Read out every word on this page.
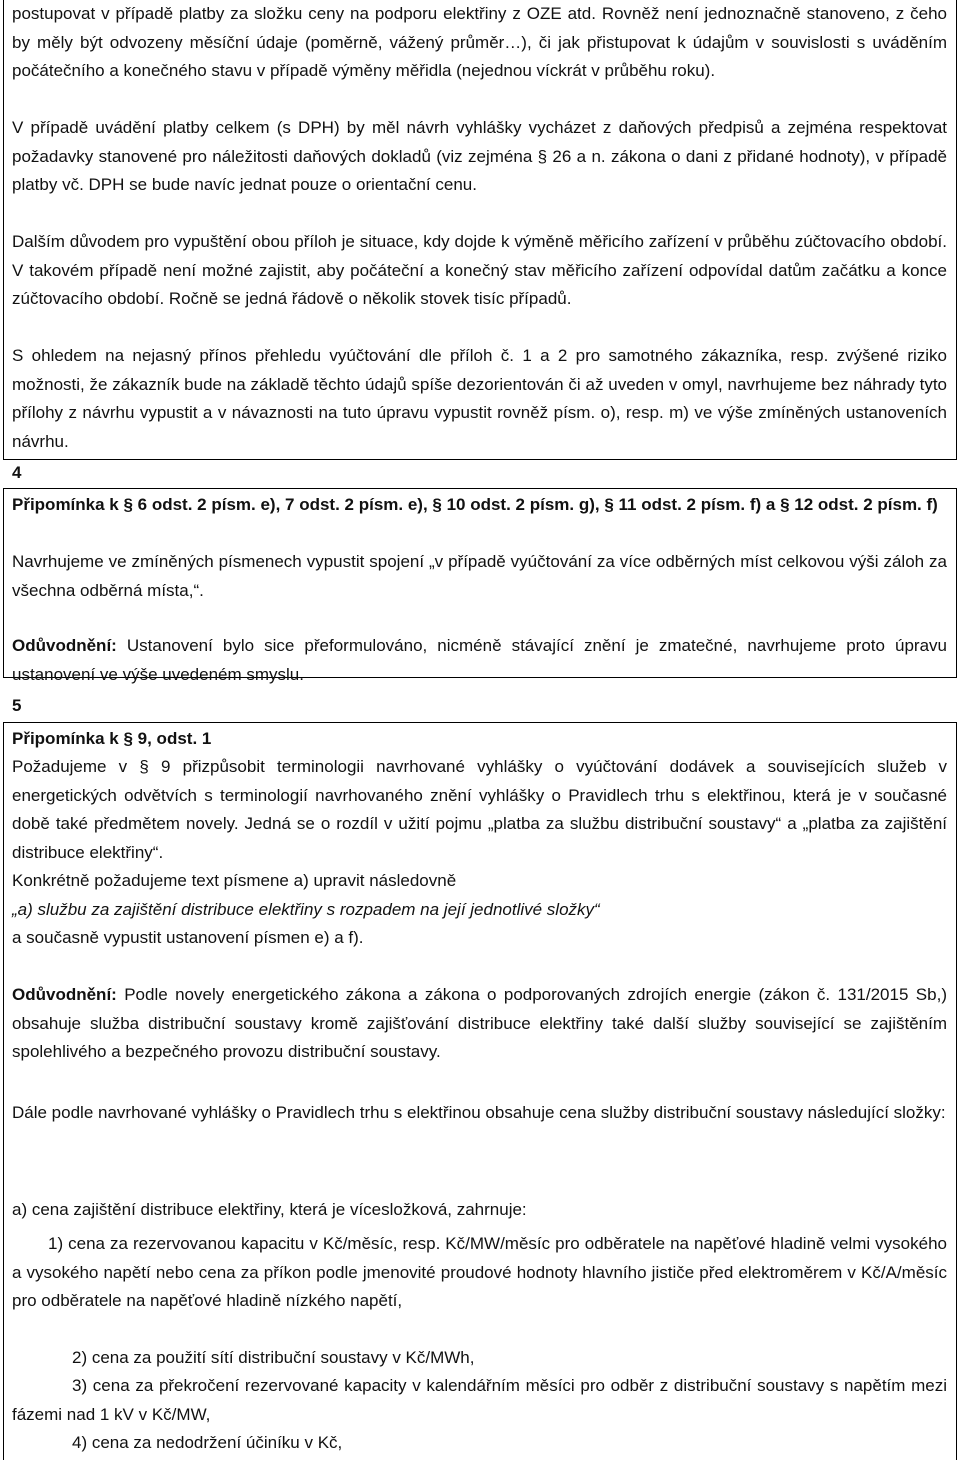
postupovat v případě platby za složku ceny na podporu elektřiny z OZE atd. Rovněž není jednoznačně stanoveno, z čeho by měly být odvozeny měsíční údaje (poměrně, vážený průměr…), či jak přistupovat k údajům v souvislosti s uváděním počátečního a konečného stavu v případě výměny měřidla (nejednou víckrát v průběhu roku).

V případě uvádění platby celkem (s DPH) by měl návrh vyhlášky vycházet z daňových předpisů a zejména respektovat požadavky stanovené pro náležitosti daňových dokladů (viz zejména § 26 a n. zákona o dani z přidané hodnoty), v případě platby vč. DPH se bude navíc jednat pouze o orientační cenu.

Dalším důvodem pro vypuštění obou příloh je situace, kdy dojde k výměně měřicího zařízení v průběhu zúčtovacího období. V takovém případě není možné zajistit, aby počáteční a konečný stav měřicího zařízení odpovídal datům začátku a konce zúčtovacího období. Ročně se jedná řádově o několik stovek tisíc případů.

S ohledem na nejasný přínos přehledu vyúčtování dle příloh č. 1 a 2 pro samotného zákazníka, resp. zvýšené riziko možnosti, že zákazník bude na základě těchto údajů spíše dezorientován či až uveden v omyl, navrhujeme bez náhrady tyto přílohy z návrhu vypustit a v návaznosti na tuto úpravu vypustit rovněž písm. o), resp. m) ve výše zmíněných ustanoveních návrhu.

4

Připomínka k § 6 odst. 2 písm. e), 7 odst. 2 písm. e), § 10 odst. 2 písm. g), § 11 odst. 2 písm. f) a § 12 odst. 2 písm. f)

Navrhujeme ve zmíněných písmenech vypustit spojení „v případě vyúčtování za více odběrných míst celkovou výši záloh za všechna odběrná místa,“.

Odůvodnění: Ustanovení bylo sice přeformulováno, nicméně stávající znění je zmatečné, navrhujeme proto úpravu ustanovení ve výše uvedeném smyslu.

5

Připomínka k § 9, odst. 1

Požadujeme v § 9 přizpůsobit terminologii navrhované vyhlášky o vyúčtování dodávek a souvisejících služeb v energetických odvětvích s terminologií navrhovaného znění vyhlášky o Pravidlech trhu s elektřinou, která je v současné době také předmětem novely. Jedná se o rozdíl v užití pojmu „platba za službu distribuční soustavy“ a „platba za zajištění distribuce elektřiny“.

Konkrétně požadujeme text písmene a) upravit následovně

„a) službu za zajištění distribuce elektřiny s rozpadem na její jednotlivé složky“

a současně vypustit ustanovení písmen e) a f).

Odůvodnění: Podle novely energetického zákona a zákona o podporovaných zdrojích energie (zákon č. 131/2015 Sb,) obsahuje služba distribuční soustavy kromě zajišťování distribuce elektřiny také další služby související se zajištěním spolehlivého a bezpečného provozu distribuční soustavy.

Dále podle navrhované vyhlášky o Pravidlech trhu s elektřinou obsahuje cena služby distribuční soustavy následující složky:

a) cena zajištění distribuce elektřiny, která je vícesložková, zahrnuje:

1) cena za rezervovanou kapacitu v Kč/měsíc, resp. Kč/MW/měsíc pro odběratele na napěťové hladině velmi vysokého a vysokého napětí nebo cena za příkon podle jmenovité proudové hodnoty hlavního jističe před elektroměrem v Kč/A/měsíc pro odběratele na napěťové hladině nízkého napětí,

2) cena za použití sítí distribuční soustavy v Kč/MWh,

3) cena za překročení rezervované kapacity v kalendářním měsíci pro odběr z distribuční soustavy s napětím mezi fázemi nad 1 kV v Kč/MW,

4) cena za nedodržení účiníku v Kč,
